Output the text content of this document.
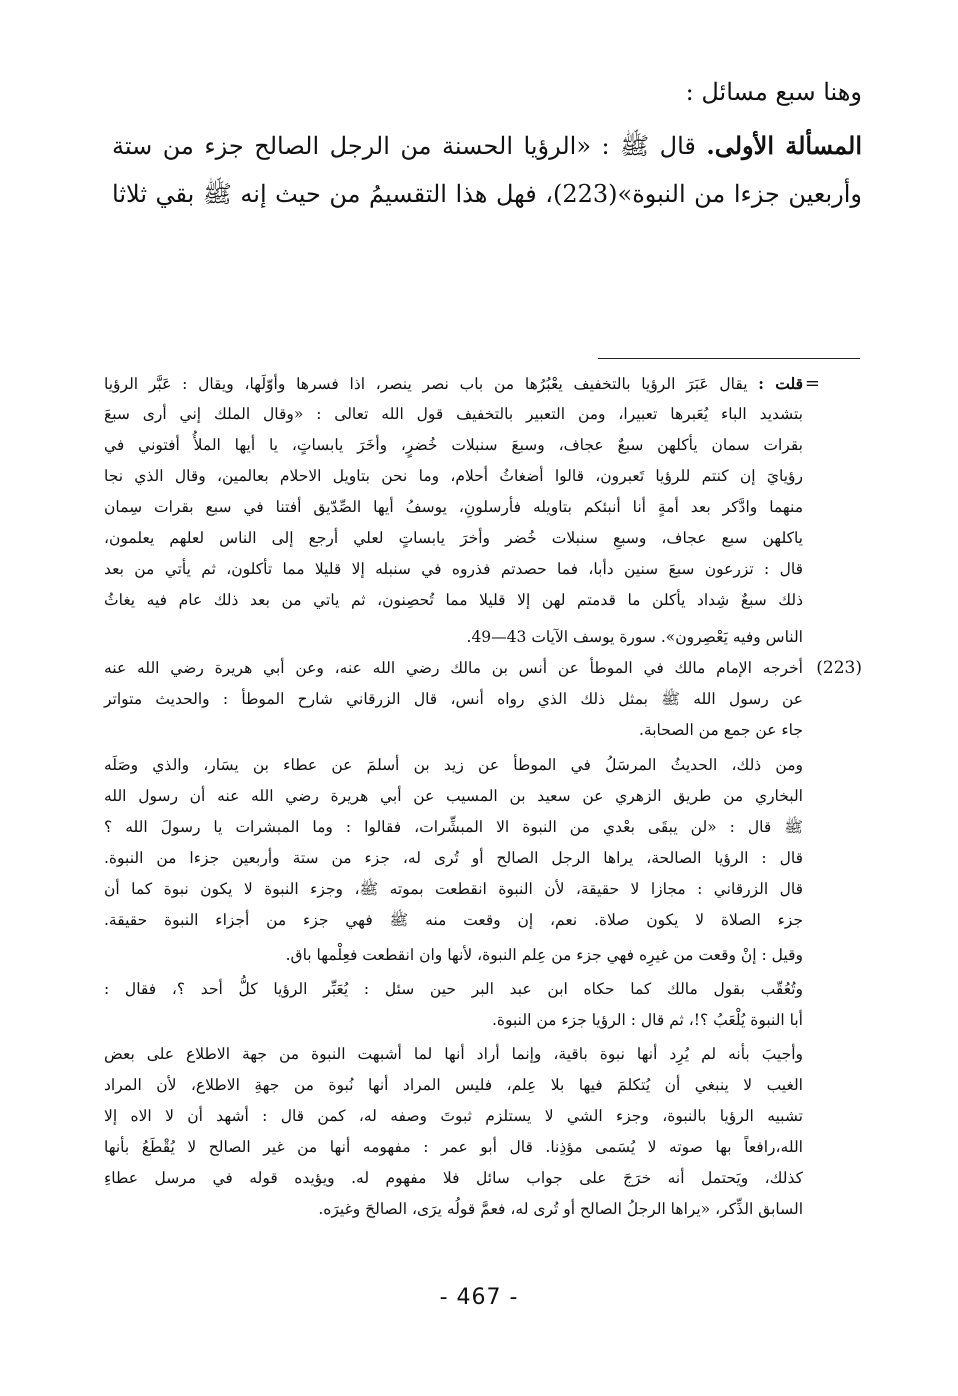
وهنا سبع مسائل :
المسألة الأولى. قال ﷺ : «الرؤيا الحسنة من الرجل الصالح جزء من ستة
وأربعين جزءا من النبوة»(223)، فهل هذا التقسيمُ من حيث إنه ﷺ بقي ثلاثا
=
قلت : يقال عَبَرَ الرؤيا بالتخفيف يعْبُرُها من باب نصر ينصر، اذا فسرها وأوّلَها، ويقال : عَبَّر الرؤيا
بتشديد الباء يُعَبرها تعبيرا، ومن التعبير بالتخفيف قول الله تعالى : «وقال الملك إني أرى سبعَ
بقرات سمان يأكلهن سبعٌ عجاف، وسبعَ سنبلات خُضرٍ، وأخَرَ يابساتٍ، يا أيها الملأُ أفتوني في
رؤيايَ إن كنتم للرؤيا تَعبرون، قالوا أضغاثُ أحلام، وما نحن بتاويل الاحلام بعالمين، وقال الذي نجا
منهما وادَّكر بعد أمةٍ أنا أنبئكم بتاويله فأرسلونِ، يوسفُ أيها الصِّدّيق أفتنا في سبع بقرات سِمان
ياكلهن سبع عجاف، وسبعِ سنبلات خُضر وأخرَ يابساتٍ لعلي أرجع إلى الناس لعلهم يعلمون،
قال : تزرعون سبعَ سنين دأبا، فما حصدتم فذروه في سنبله إلا قليلا مما تأكلون، ثم يأتي من بعد
ذلك سبعٌ شِداد يأكلن ما قدمتم لهن إلا قليلا مما تُحصِنون، ثم ياتي من بعد ذلك عام فيه يغاثُ
الناس وفيه يَعْصِرون». سورة يوسف الآيات 43—49.
(223)
أخرجه الإمام مالك في الموطأ عن أنس بن مالك رضي الله عنه، وعن أبي هريرة رضي الله عنه
عن رسول الله ﷺ بمثل ذلك الذي رواه أنس، قال الزرقاني شارح الموطأ : والحديث متواتر
جاء عن جمع من الصحابة.
ومن ذلك، الحديثُ المرسَلُ في الموطأ عن زيد بن أسلمَ عن عطاء بن يسَار، والذي وصَلَه
البخاري من طريق الزهري عن سعيد بن المسيب عن أبي هريرة رضي الله عنه أن رسول الله
ﷺ قال : «لن يبقَى بعْدي من النبوة الا المبشِّرات، فقالوا : وما المبشرات يا رسولَ الله ؟
قال : الرؤيا الصالحة، يراها الرجل الصالح أو تُرى له، جزء من ستة وأربعين جزءا من النبوة.
قال الزرقاني : مجازا لا حقيقة، لأن النبوة انقطعت بموته ﷺ، وجزء النبوة لا يكون نبوة كما أن
جزء الصلاة لا يكون صلاة. نعم، إن وقعت منه ﷺ فهي جزء من أجزاء النبوة حقيقة.
وقيل : إنْ وقعت من غيرِه فهي جزء من عِلم النبوة، لأنها وان انقطعت فعِلْمها باق.
وتُعُقّب بقول مالك كما حكاه ابن عبد البر حين سئل : يُعَبِّر الرؤيا كلُّ أحد ؟، فقال :
أبا النبوة يُلْعَبُ ؟!، ثم قال : الرؤيا جزء من النبوة.
وأجيبَ بأنه لم يُرِد أنها نبوة باقية، وإنما أراد أنها لما أشبهت النبوة من جهة الاطلاع على بعض
الغيب لا ينبغي أن يُتكلمَ فيها بلا عِلم، فليس المراد أنها نُبوة من جهةِ الاطلاع، لأن المراد
تشبيه الرؤيا بالنبوة، وجزء الشي لا يستلزم ثبوتَ وصفه له، كمن قال : أشهد أن لا الاه إلا
الله،رافعاً بها صوته لا يُسَمى مؤذِنا. قال أبو عمر : مفهومه أنها من غير الصالح لا يُقْطَعُ بأنها
كذلك، ويَحتمل أنه خرَجَ على جواب سائل فلا مفهوم له. ويؤيده قوله في مرسل عطاءِ
السابق الذِّكر، «يراها الرجلُ الصالح أو تُرى له، فعمَّ قولُه يرَى، الصالحَ وغيرَه.
- 467 -
